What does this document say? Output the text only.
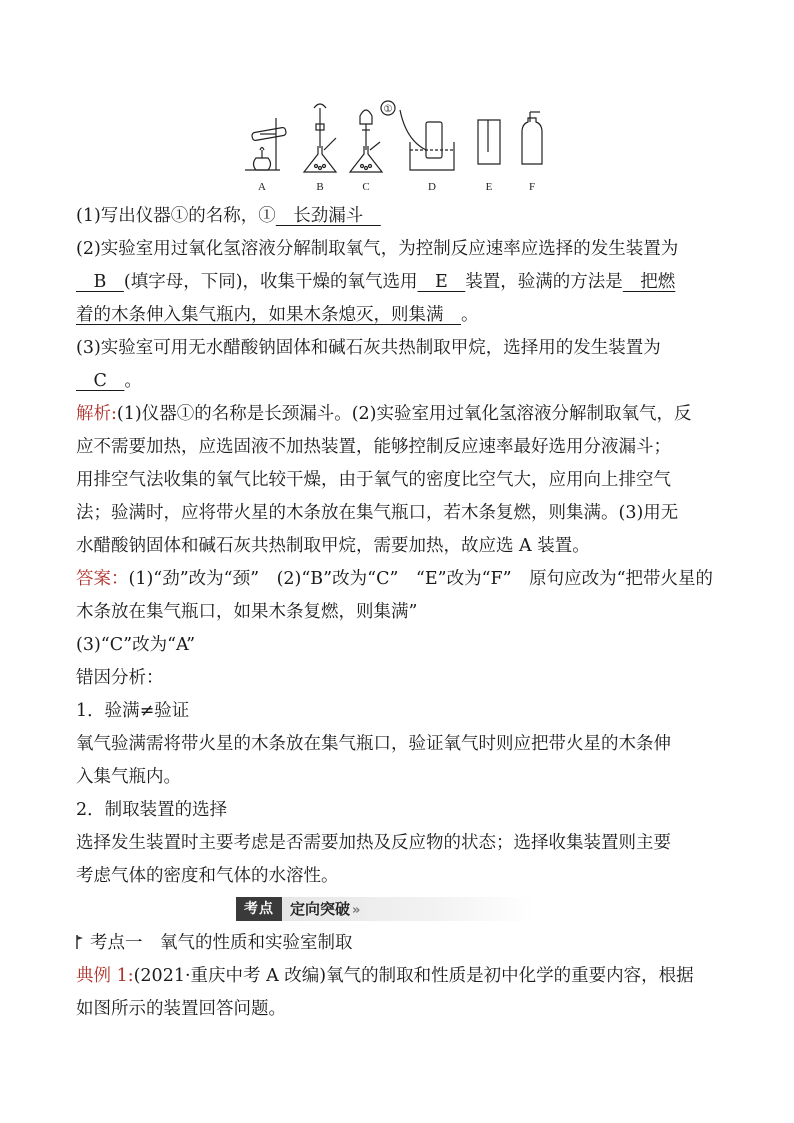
A	B	C	D	E	F
①
(1)写出仪器①的名称，①　长劲漏斗　
(2)实验室用过氧化氢溶液分解制取氧气，为控制反应速率应选择的发生装置为
　B　(填字母，下同)，收集干燥的氧气选用　E　装置，验满的方法是　把燃
着的木条伸入集气瓶内，如果木条熄灭，则集满　。
(3)实验室可用无水醋酸钠固体和碱石灰共热制取甲烷，选择用的发生装置为
　C　。
解析:(1)仪器①的名称是长颈漏斗。(2)实验室用过氧化氢溶液分解制取氧气，反
应不需要加热，应选固液不加热装置，能够控制反应速率最好选用分液漏斗；
用排空气法收集的氧气比较干燥，由于氧气的密度比空气大，应用向上排空气
法；验满时，应将带火星的木条放在集气瓶口，若木条复燃，则集满。(3)用无
水醋酸钠固体和碱石灰共热制取甲烷，需要加热，故应选 A 装置。
答案：(1)“劲”改为“颈”　(2)“B”改为“C”　“E”改为“F”　原句应改为“把带火星的
木条放在集气瓶口，如果木条复燃，则集满”
(3)“C”改为“A”
错因分析：
1．验满≠验证
氧气验满需将带火星的木条放在集气瓶口，验证氧气时则应把带火星的木条伸
入集气瓶内。
2．制取装置的选择
选择发生装置时主要考虑是否需要加热及反应物的状态；选择收集装置则主要
考虑气体的密度和气体的水溶性。
考点	定向突破 »
考点一　氧气的性质和实验室制取
典例 1:(2021·重庆中考 A 改编)氧气的制取和性质是初中化学的重要内容，根据
如图所示的装置回答问题。
